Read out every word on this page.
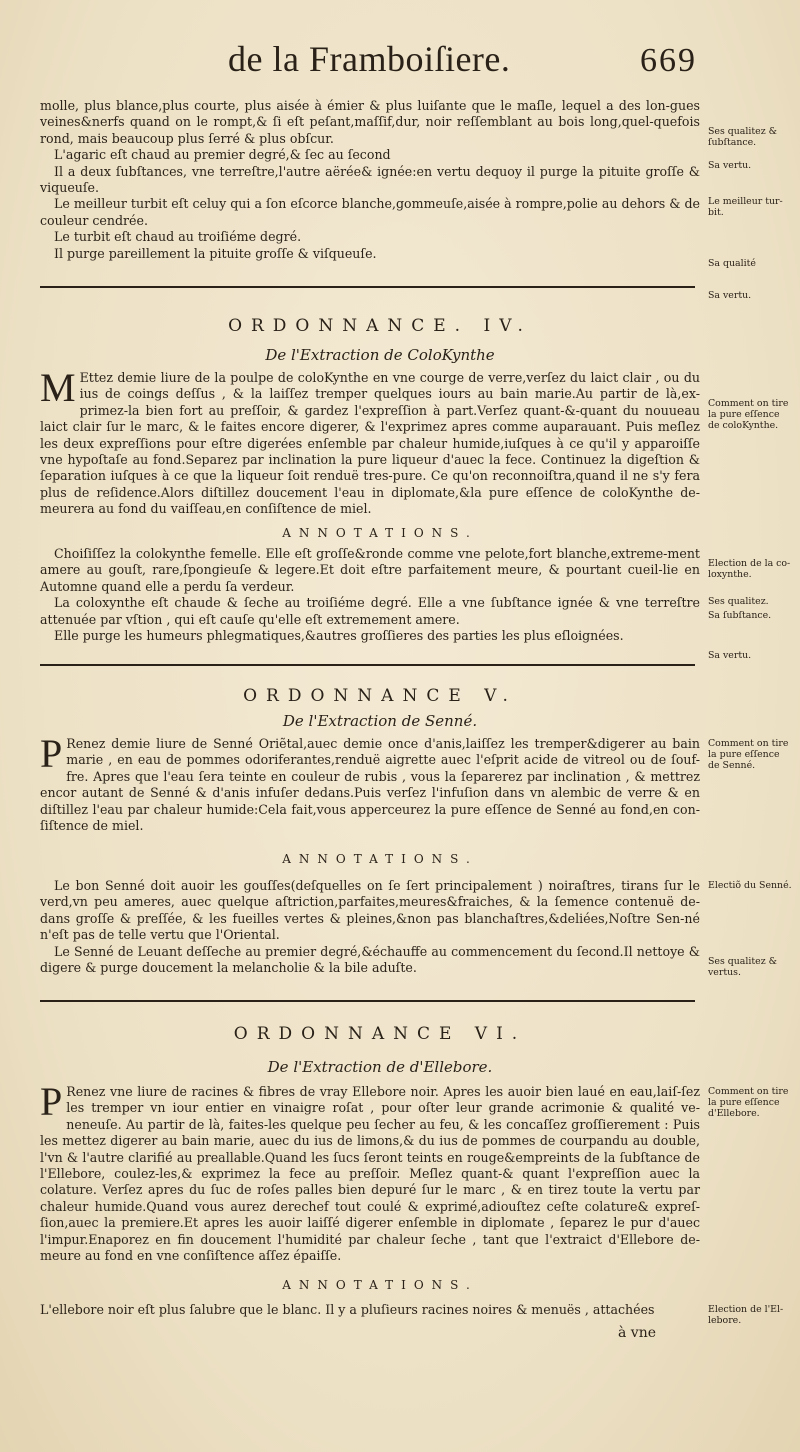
de la Framboiſiere.	669

molle, plus blance,plus courte, plus aisée à émier & plus luiſante que le maſle, lequel a des lon-gues veines&nerfs quand on le rompt,& ſi eſt peſant,maſſif,dur, noir reſſemblant au bois long,quel-quefois rond, mais beaucoup plus ſerré & plus obſcur.

L'agaric eſt chaud au premier degré,& ſec au ſecond

Il a deux ſubſtances, vne terreſtre,l'autre aërée& ignée:en vertu dequoy il purge la pituite groſſe & viqueuſe.

Le meilleur turbit eſt celuy qui a ſon eſcorce blanche,gommeuſe,aisée à rompre,polie au dehors & de couleur cendrée.

Le turbit eſt chaud au troiſiéme degré.

Il purge pareillement la pituite groſſe & viſqueuſe.

Ses qualitez & ſubſtance.
Sa vertu.
Le meilleur tur-bit.
Sa qualité
Sa vertu.
ORDONNANCE. IV.
De l'Extraction de ColoKynthe

M Ettez demie liure de la poulpe de coloKynthe en vne courge de verre,verſez du laict clair , ou du ius de coings deſſus , & la laiſſez tremper quelques iours au bain marie.Au partir de là,ex-primez-la bien fort au preſſoir, & gardez l'expreſſion à part.Verſez quant-&-quant du nouueau laict clair ſur le marc, & le faites encore digerer, & l'exprimez apres comme auparauant. Puis meſlez les deux expreſſions pour eſtre digerées enſemble par chaleur humide,iuſques à ce qu'il y apparoiſſe vne hypoſtaſe au fond.Separez par inclination la pure liqueur d'auec la fece. Continuez la digeſtion & ſeparation iuſques à ce que la liqueur ſoit renduë tres-pure. Ce qu'on reconnoiſtra,quand il ne s'y fera plus de reſidence.Alors diſtillez doucement l'eau in diplomate,&la pure eſſence de coloKynthe de-meurera au fond du vaiſſeau,en conſiſtence de miel.

ANNOTATIONS.

Choiſiſſez la colokynthe femelle. Elle eſt groſſe&ronde comme vne pelote,fort blanche,extreme-ment amere au gouſt, rare,ſpongieuſe & legere.Et doit eſtre parfaitement meure, & pourtant cueil-lie en Automne quand elle a perdu ſa verdeur.

La coloxynthe eſt chaude & ſeche au troiſiéme degré. Elle a vne ſubſtance ignée & vne terreſtre attenuée par vſtion , qui eſt cauſe qu'elle eſt extremement amere.

Elle purge les humeurs phlegmatiques,&autres groſſieres des parties les plus eſloignées.

Comment on tire la pure eſſence de coloKynthe.
Election de la co-loxynthe.
Ses qualitez.
Sa ſubſtance.
Sa vertu.
ORDONNANCE V.
De l'Extraction de Senné.

P Renez demie liure de Senné Oriẽtal,auec demie once d'anis,laiſſez les tremper&digerer au bain marie , en eau de pommes odoriferantes,renduë aigrette auec l'eſprit acide de vitreol ou de ſouf-fre. Apres que l'eau ſera teinte en couleur de rubis , vous la ſeparerez par inclination , & mettrez encor autant de Senné & d'anis infuſer dedans.Puis verſez l'infuſion dans vn alembic de verre & en diſtillez l'eau par chaleur humide:Cela fait,vous apperceurez la pure eſſence de Senné au fond,en con-ſiſtence de miel.

ANNOTATIONS.

Le bon Senné doit auoir les gouſſes(deſquelles on ſe ſert principalement ) noiraſtres, tirans ſur le verd,vn peu ameres, auec quelque aſtriction,parfaites,meures&fraiches, & la ſemence contenuë de-dans groſſe & preſſée, & les fueilles vertes & pleines,&non pas blanchaſtres,&deliées,Noſtre Sen-né n'eſt pas de telle vertu que l'Oriental.

Le Senné de Leuant deſſeche au premier degré,&échauffe au commencement du ſecond.Il nettoye & digere & purge doucement la melancholie & la bile aduſte.

Comment on tire la pure eſſence de Senné.
Electiõ du Senné.
Ses qualitez & vertus.
ORDONNANCE VI.
De l'Extraction de d'Ellebore.

P Renez vne liure de racines & fibres de vray Ellebore noir. Apres les auoir bien laué en eau,laiſ-ſez les tremper vn iour entier en vinaigre roſat , pour oſter leur grande acrimonie & qualité ve-neneuſe. Au partir de là, faites-les quelque peu ſecher au feu, & les concaſſez groſſierement : Puis les mettez digerer au bain marie, auec du ius de limons,& du ius de pommes de courpandu au double, l'vn & l'autre clarifié au preallable.Quand les ſucs ſeront teints en rouge&empreints de la ſubſtance de l'Ellebore, coulez-les,& exprimez la fece au preſſoir. Meſlez quant-& quant l'expreſſion auec la colature. Verſez apres du ſuc de roſes palles bien depuré ſur le marc , & en tirez toute la vertu par chaleur humide.Quand vous aurez derechef tout coulé & exprimé,adiouſtez ceſte colature& expreſ-ſion,auec la premiere.Et apres les auoir laiſſé digerer enſemble in diplomate , ſeparez le pur d'auec l'impur.Enaporez en fin doucement l'humidité par chaleur ſeche , tant que l'extraict d'Ellebore de-meure au fond en vne conſiſtence aſſez épaiſſe.

ANNOTATIONS.

L'ellebore noir eſt plus ſalubre que le blanc. Il y a pluſieurs racines noires & menuës , attachées

Comment on tire la pure eſſence d'Ellebore.
Election de l'El-lebore.
à vne
